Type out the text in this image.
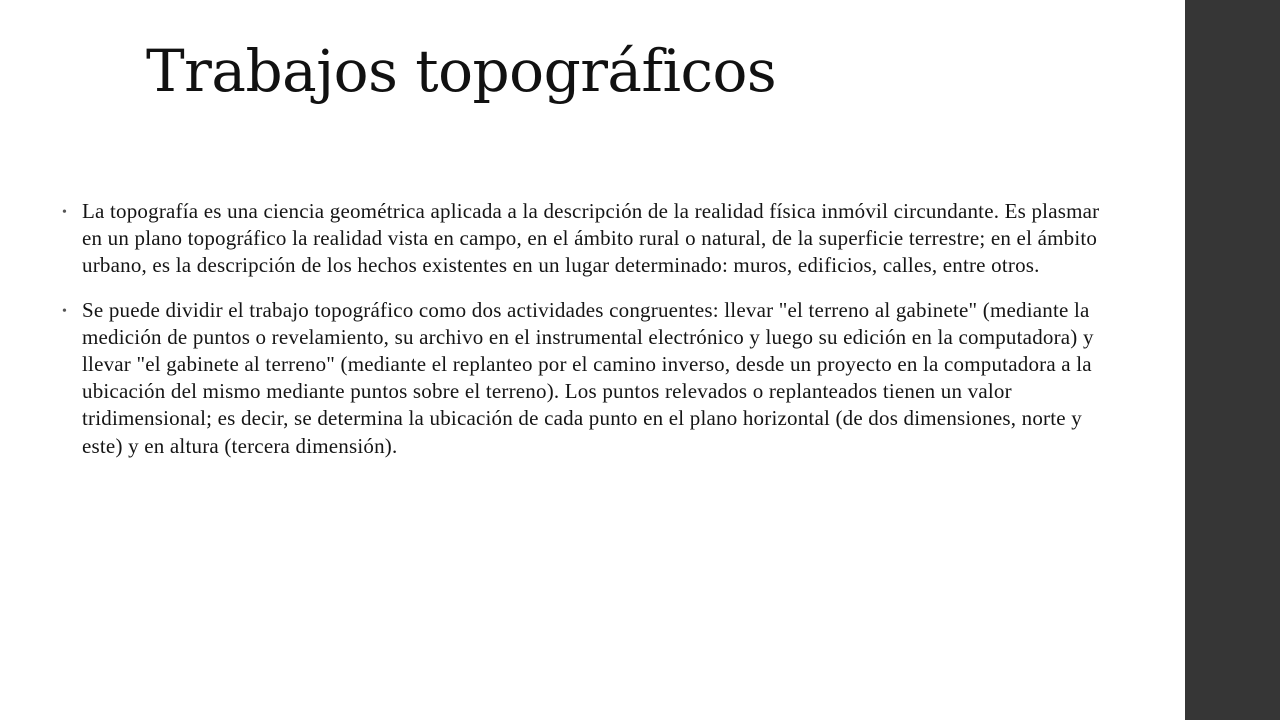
Trabajos topográficos
• La topografía es una ciencia geométrica aplicada a la descripción de la realidad física inmóvil circundante. Es plasmar en un plano topográfico la realidad vista en campo, en el ámbito rural o natural, de la superficie terrestre; en el ámbito urbano, es la descripción de los hechos existentes en un lugar determinado: muros, edificios, calles, entre otros.
• Se puede dividir el trabajo topográfico como dos actividades congruentes: llevar "el terreno al gabinete" (mediante la medición de puntos o revelamiento, su archivo en el instrumental electrónico y luego su edición en la computadora) y llevar "el gabinete al terreno" (mediante el replanteo por el camino inverso, desde un proyecto en la computadora a la ubicación del mismo mediante puntos sobre el terreno). Los puntos relevados o replanteados tienen un valor tridimensional; es decir, se determina la ubicación de cada punto en el plano horizontal (de dos dimensiones, norte y este) y en altura (tercera dimensión).
